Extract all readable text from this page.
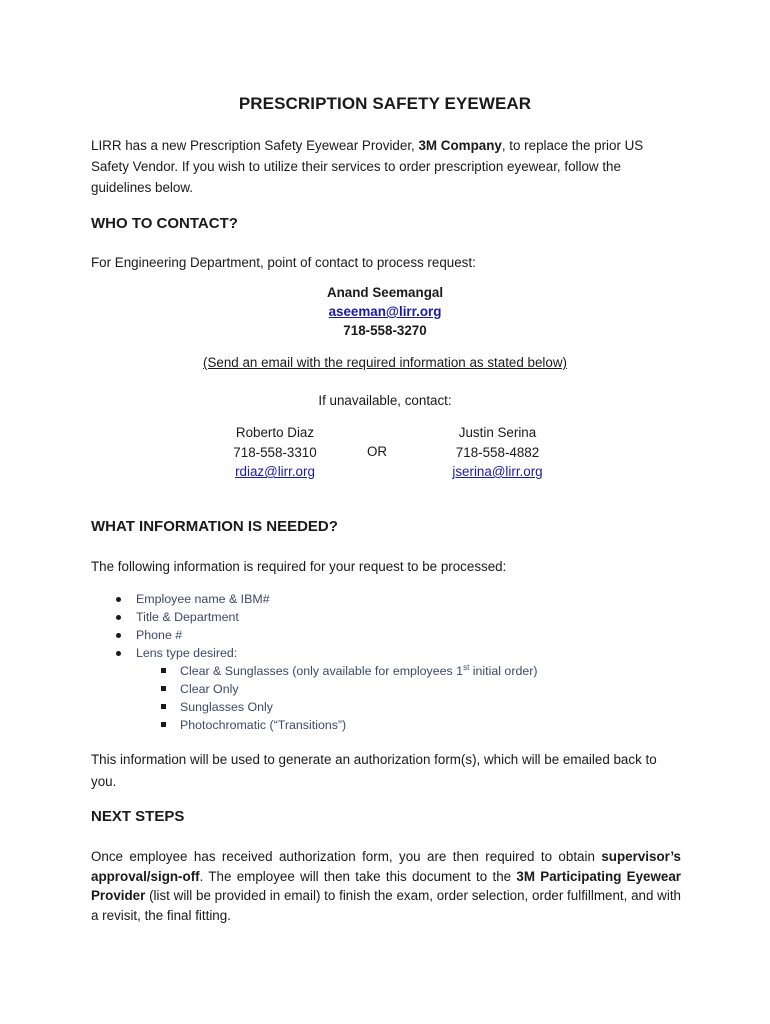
PRESCRIPTION SAFETY EYEWEAR
LIRR has a new Prescription Safety Eyewear Provider, 3M Company, to replace the prior US Safety Vendor. If you wish to utilize their services to order prescription eyewear, follow the guidelines below.
WHO TO CONTACT?
For Engineering Department, point of contact to process request:
Anand Seemangal
aseeman@lirr.org
718-558-3270
(Send an email with the required information as stated below)
If unavailable, contact:
Roberto Diaz
718-558-3310
rdiaz@lirr.org
OR
Justin Serina
718-558-4882
jserina@lirr.org
WHAT INFORMATION IS NEEDED?
The following information is required for your request to be processed:
Employee name & IBM#
Title & Department
Phone #
Lens type desired:
Clear & Sunglasses (only available for employees 1st initial order)
Clear Only
Sunglasses Only
Photochromatic (“Transitions”)
This information will be used to generate an authorization form(s), which will be emailed back to you.
NEXT STEPS
Once employee has received authorization form, you are then required to obtain supervisor’s approval/sign-off. The employee will then take this document to the 3M Participating Eyewear Provider (list will be provided in email) to finish the exam, order selection, order fulfillment, and with a revisit, the final fitting.
